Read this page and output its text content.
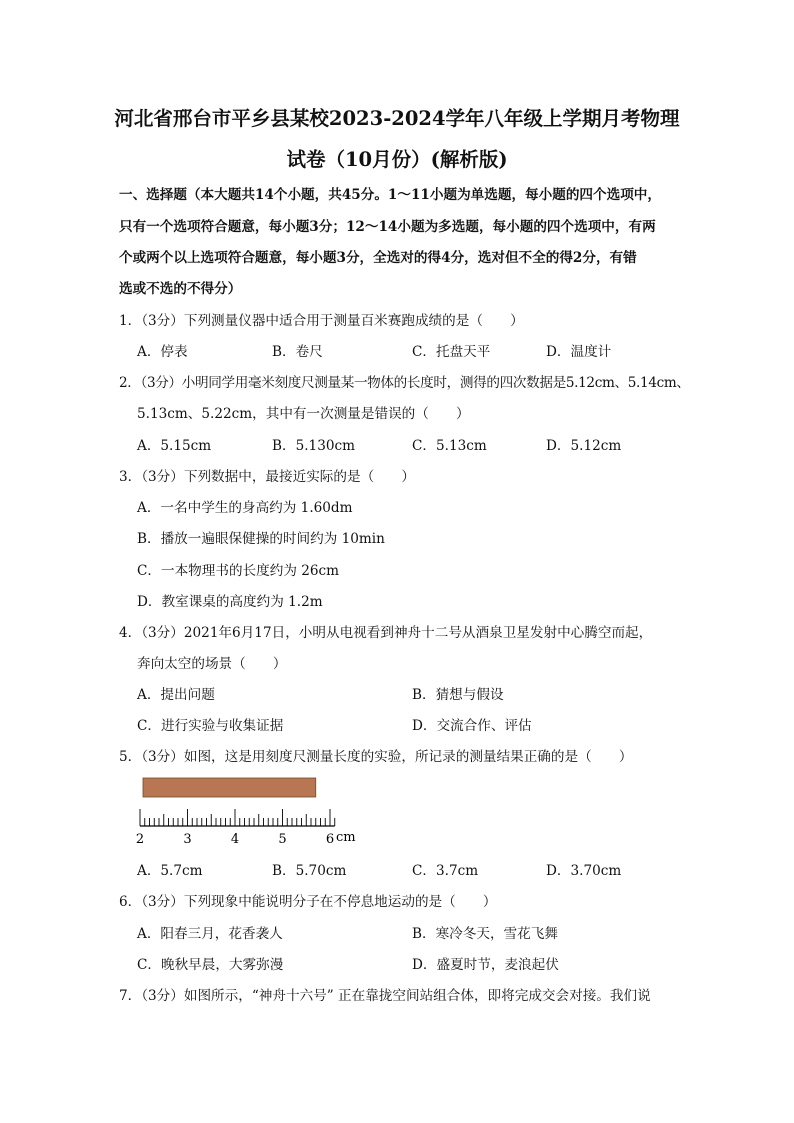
河北省邢台市平乡县某校2023-2024学年八年级上学期月考物理
试卷（10月份）(解析版)
一、选择题（本大题共14个小题，共45分。1～11小题为单选题，每小题的四个选项中，
只有一个选项符合题意，每小题3分；12～14小题为多选题，每小题的四个选项中，有两
个或两个以上选项符合题意，每小题3分，全选对的得4分，选对但不全的得2分，有错
选或不选的不得分）
1．（3分）下列测量仪器中适合用于测量百米赛跑成绩的是（　　）
A．停表	B．卷尺	C．托盘天平	D．温度计
2．（3分）小明同学用毫米刻度尺测量某一物体的长度时，测得的四次数据是5.12cm、5.14cm、
5.13cm、5.22cm，其中有一次测量是错误的（　　）
A．5.15cm	B．5.130cm	C．5.13cm	D．5.12cm
3．（3分）下列数据中，最接近实际的是（　　）
A．一名中学生的身高约为 1.60dm
B．播放一遍眼保健操的时间约为 10min
C．一本物理书的长度约为 26cm
D．教室课桌的高度约为 1.2m
4．（3分）2021年6月17日，小明从电视看到神舟十二号从酒泉卫星发射中心腾空而起，
奔向太空的场景（　　）
A．提出问题	B．猜想与假设
C．进行实验与收集证据	D．交流合作、评估
5．（3分）如图，这是用刻度尺测量长度的实验，所记录的测量结果正确的是（　　）
2	3	4	5	6 cm
A．5.7cm	B．5.70cm	C．3.7cm	D．3.70cm
6．（3分）下列现象中能说明分子在不停息地运动的是（　　）
A．阳春三月，花香袭人	B．寒冷冬天，雪花飞舞
C．晚秋早晨，大雾弥漫	D．盛夏时节，麦浪起伏
7．（3分）如图所示，“神舟十六号” 正在靠拢空间站组合体，即将完成交会对接。我们说
